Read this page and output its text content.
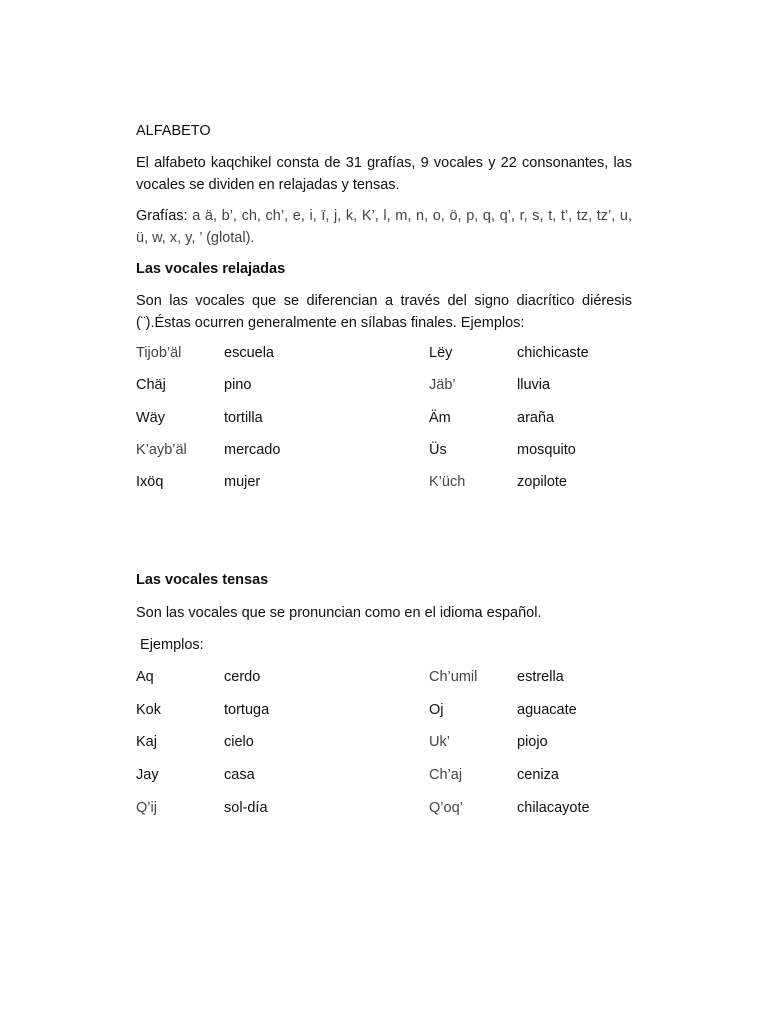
ALFABETO

El alfabeto kaqchikel consta de 31 grafías, 9 vocales y 22 consonantes, las vocales se dividen en relajadas y tensas.

Grafías: a ä, b’, ch, ch’, e, i, ï, j, k, K’, l, m, n, o, ö, p, q, q’, r, s, t, t’, tz, tz’, u, ü, w, x, y, ’ (glotal).

Las vocales relajadas

Son las vocales que se diferencian a través del signo diacrítico diéresis (¨).Éstas ocurren generalmente en sílabas finales. Ejemplos:

Tijob’äl	escuela	Lëy	chichicaste
Chäj	pino	Jäb’	lluvia
Wäy	tortilla	Äm	araña
K’ayb’äl	mercado	Üs	mosquito
Ixöq	mujer	K’üch	zopilote

Las vocales tensas

Son las vocales que se pronuncian como en el idioma español.

Ejemplos:

Aq	cerdo	Ch’umil	estrella
Kok	tortuga	Oj	aguacate
Kaj	cielo	Uk’	piojo
Jay	casa	Ch’aj	ceniza
Q’ij	sol-día	Q’oq’	chilacayote
